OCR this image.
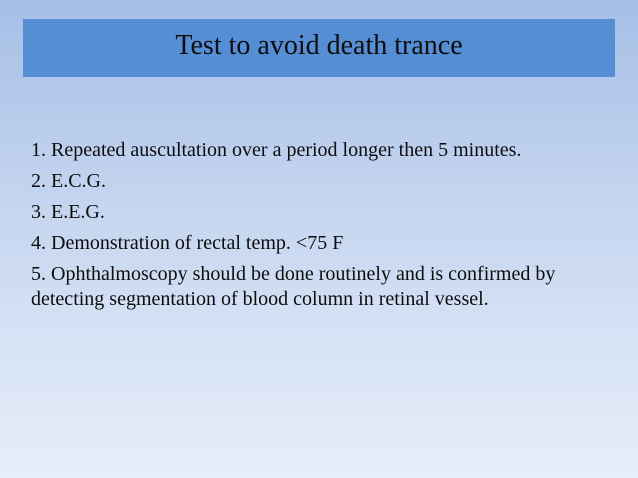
Test to avoid death trance
1. Repeated auscultation over a period longer then 5 minutes.
2. E.C.G.
3. E.E.G.
4. Demonstration of rectal temp. <75 F
5. Ophthalmoscopy should be done routinely and is confirmed by detecting segmentation of blood column in retinal vessel.
